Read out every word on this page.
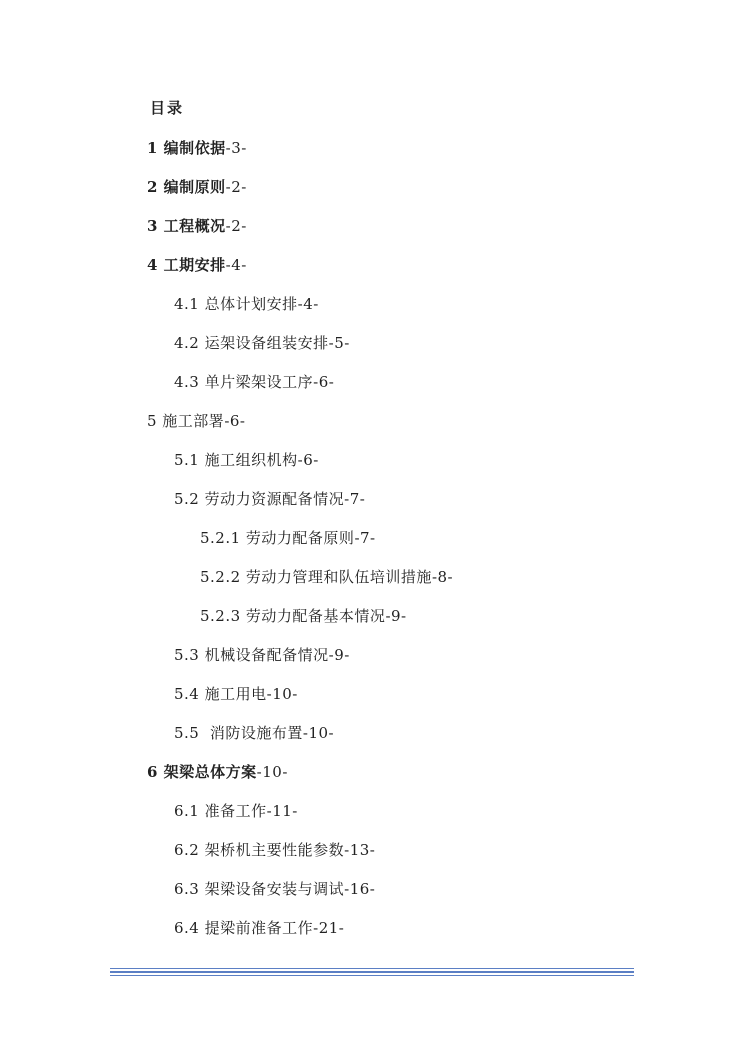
目录
1 编制依据-3-
2 编制原则-2-
3 工程概况-2-
4 工期安排-4-
4.1 总体计划安排-4-
4.2 运架设备组装安排-5-
4.3 单片梁架设工序-6-
5 施工部署-6-
5.1 施工组织机构-6-
5.2 劳动力资源配备情况-7-
5.2.1 劳动力配备原则-7-
5.2.2 劳动力管理和队伍培训措施-8-
5.2.3 劳动力配备基本情况-9-
5.3 机械设备配备情况-9-
5.4 施工用电-10-
5.5  消防设施布置-10-
6 架梁总体方案-10-
6.1 准备工作-11-
6.2 架桥机主要性能参数-13-
6.3 架梁设备安装与调试-16-
6.4 提梁前准备工作-21-
